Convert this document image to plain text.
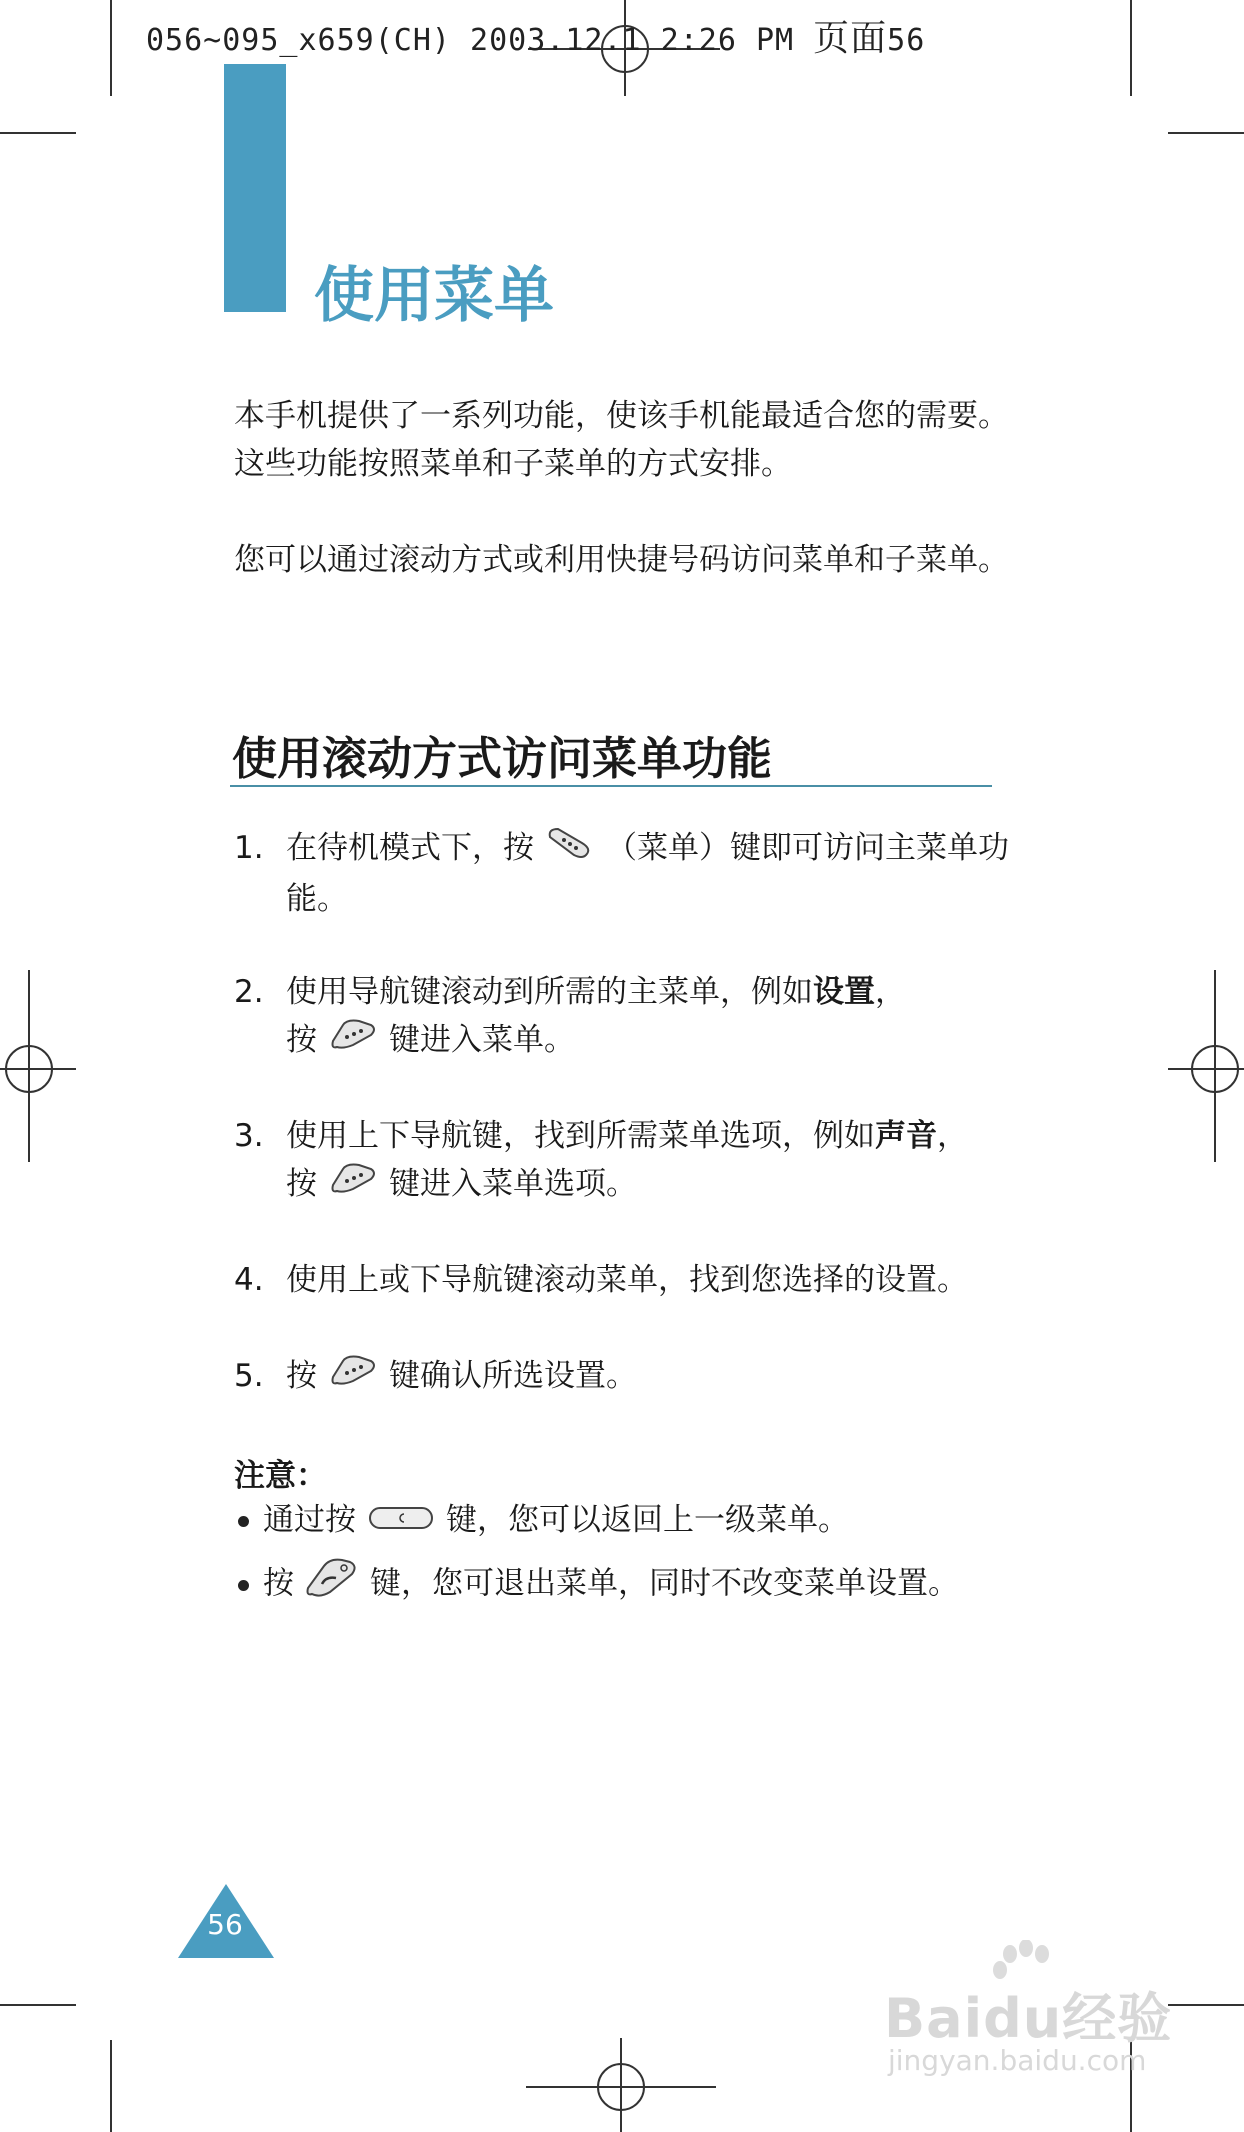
056~095_x659(CH) 2003.12.1 2:26 PM 页面56
使用菜单
本手机提供了一系列功能，使该手机能最适合您的需要。这些功能按照菜单和子菜单的方式安排。
您可以通过滚动方式或利用快捷号码访问菜单和子菜单。
使用滚动方式访问菜单功能
1. 在待机模式下，按 （菜单）键即可访问主菜单功能。
2. 使用导航键滚动到所需的主菜单，例如设置，
按 键进入菜单。
3. 使用上下导航键，找到所需菜单选项，例如声音，
按 键进入菜单选项。
4. 使用上或下导航键滚动菜单，找到您选择的设置。
5. 按 键确认所选设置。
注意：
通过按	键，您可以返回上一级菜单。
按 键，您可退出菜单，同时不改变菜单设置。
56
Baidu经验
jingyan.baidu.com
